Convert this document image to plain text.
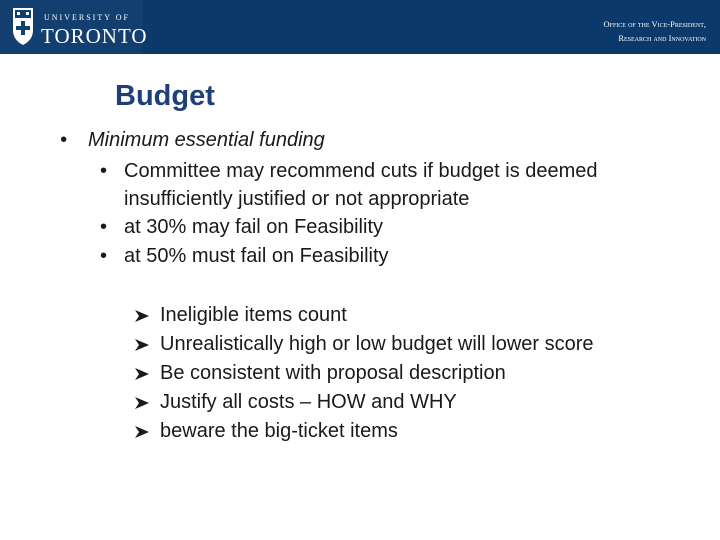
UNIVERSITY OF
TORONTO	Office of the Vice-President,
Research and Innovation
Budget
• Minimum essential funding
• Committee may recommend cuts if budget is deemed insufficiently justified or not appropriate
• at 30% may fail on Feasibility
• at 50% must fail on Feasibility
Ineligible items count
Unrealistically high or low budget will lower score
Be consistent with proposal description
Justify all costs – HOW and WHY
beware the big-ticket items
